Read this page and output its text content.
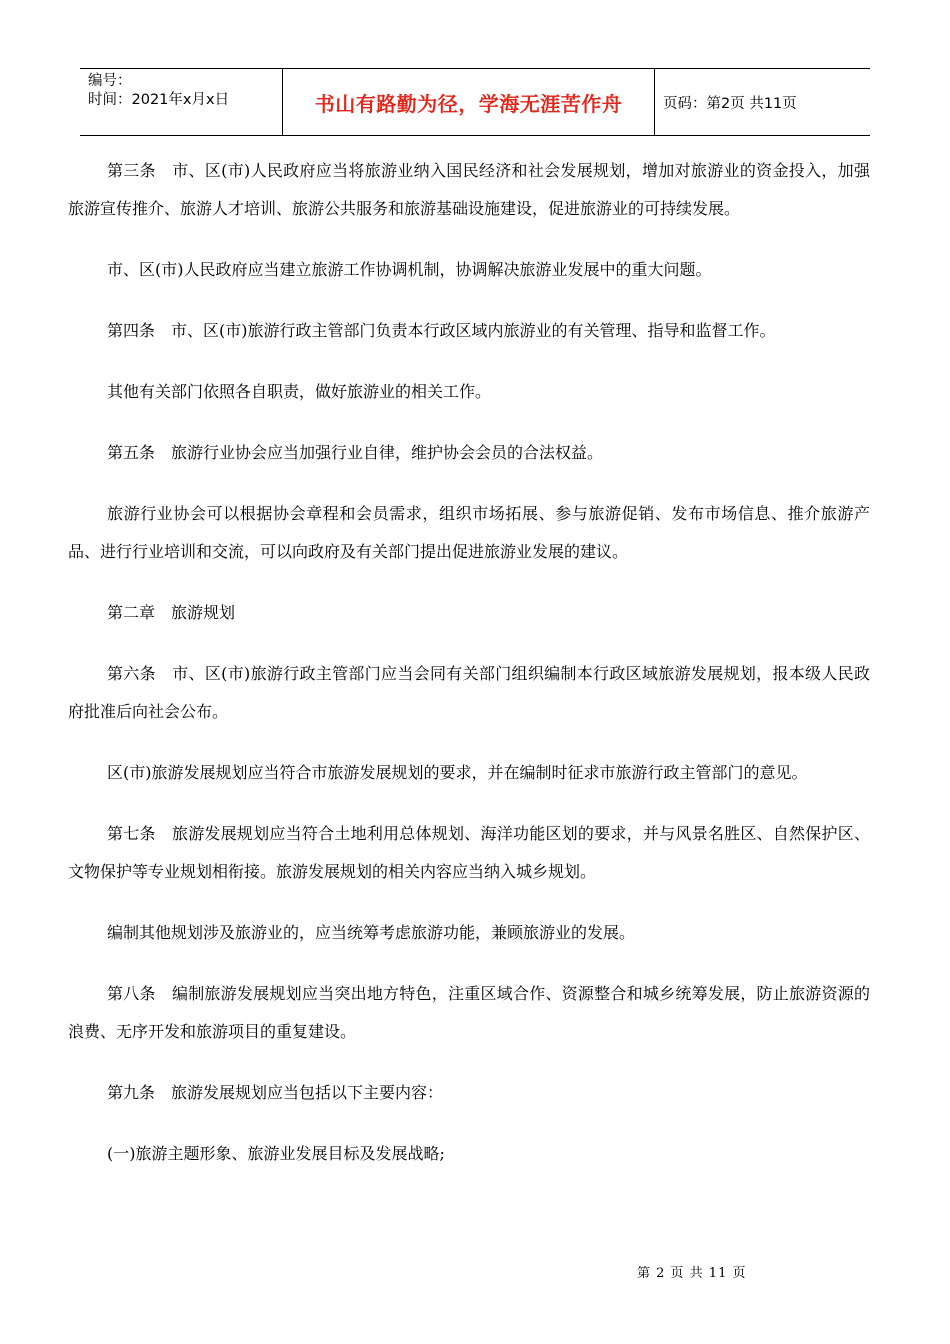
编号：
时间：2021年x月x日	书山有路勤为径，学海无涯苦作舟	页码：第2页 共11页

第三条　市、区(市)人民政府应当将旅游业纳入国民经济和社会发展规划，增加对旅游业的资金投入，加强旅游宣传推介、旅游人才培训、旅游公共服务和旅游基础设施建设，促进旅游业的可持续发展。

市、区(市)人民政府应当建立旅游工作协调机制，协调解决旅游业发展中的重大问题。

第四条　市、区(市)旅游行政主管部门负责本行政区域内旅游业的有关管理、指导和监督工作。

其他有关部门依照各自职责，做好旅游业的相关工作。

第五条　旅游行业协会应当加强行业自律，维护协会会员的合法权益。

旅游行业协会可以根据协会章程和会员需求，组织市场拓展、参与旅游促销、发布市场信息、推介旅游产品、进行行业培训和交流，可以向政府及有关部门提出促进旅游业发展的建议。

第二章　旅游规划

第六条　市、区(市)旅游行政主管部门应当会同有关部门组织编制本行政区域旅游发展规划，报本级人民政府批准后向社会公布。

区(市)旅游发展规划应当符合市旅游发展规划的要求，并在编制时征求市旅游行政主管部门的意见。

第七条　旅游发展规划应当符合土地利用总体规划、海洋功能区划的要求，并与风景名胜区、自然保护区、文物保护等专业规划相衔接。旅游发展规划的相关内容应当纳入城乡规划。

编制其他规划涉及旅游业的，应当统筹考虑旅游功能，兼顾旅游业的发展。

第八条　编制旅游发展规划应当突出地方特色，注重区域合作、资源整合和城乡统筹发展，防止旅游资源的浪费、无序开发和旅游项目的重复建设。

第九条　旅游发展规划应当包括以下主要内容：

(一)旅游主题形象、旅游业发展目标及发展战略;

第 2 页 共 11 页
